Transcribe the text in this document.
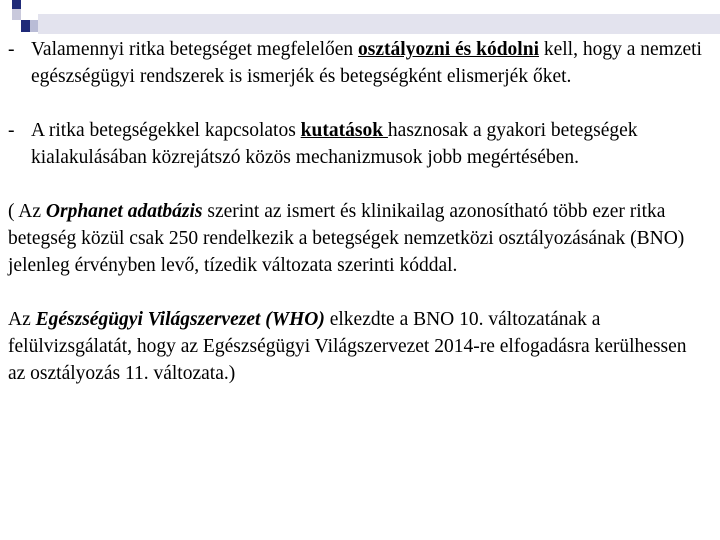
- Valamennyi ritka betegséget megfelelően osztályozni és kódolni kell, hogy a nemzeti egészségügyi rendszerek is ismerjék és betegségként elismerjék őket.

- A ritka betegségekkel kapcsolatos kutatások hasznosak a gyakori betegségek kialakulásában közrejátszó közös mechanizmusok jobb megértésében.

( Az Orphanet adatbázis szerint az ismert és klinikailag azonosítható több ezer ritka betegség közül csak 250 rendelkezik a betegségek nemzetközi osztályozásának (BNO) jelenleg érvényben levő, tízedik változata szerinti kóddal.

Az Egészségügyi Világszervezet (WHO) elkezdte a BNO 10. változatának a felülvizsgálatát, hogy az Egészségügyi Világszervezet 2014-re elfogadásra kerülhessen az osztályozás 11. változata.)
